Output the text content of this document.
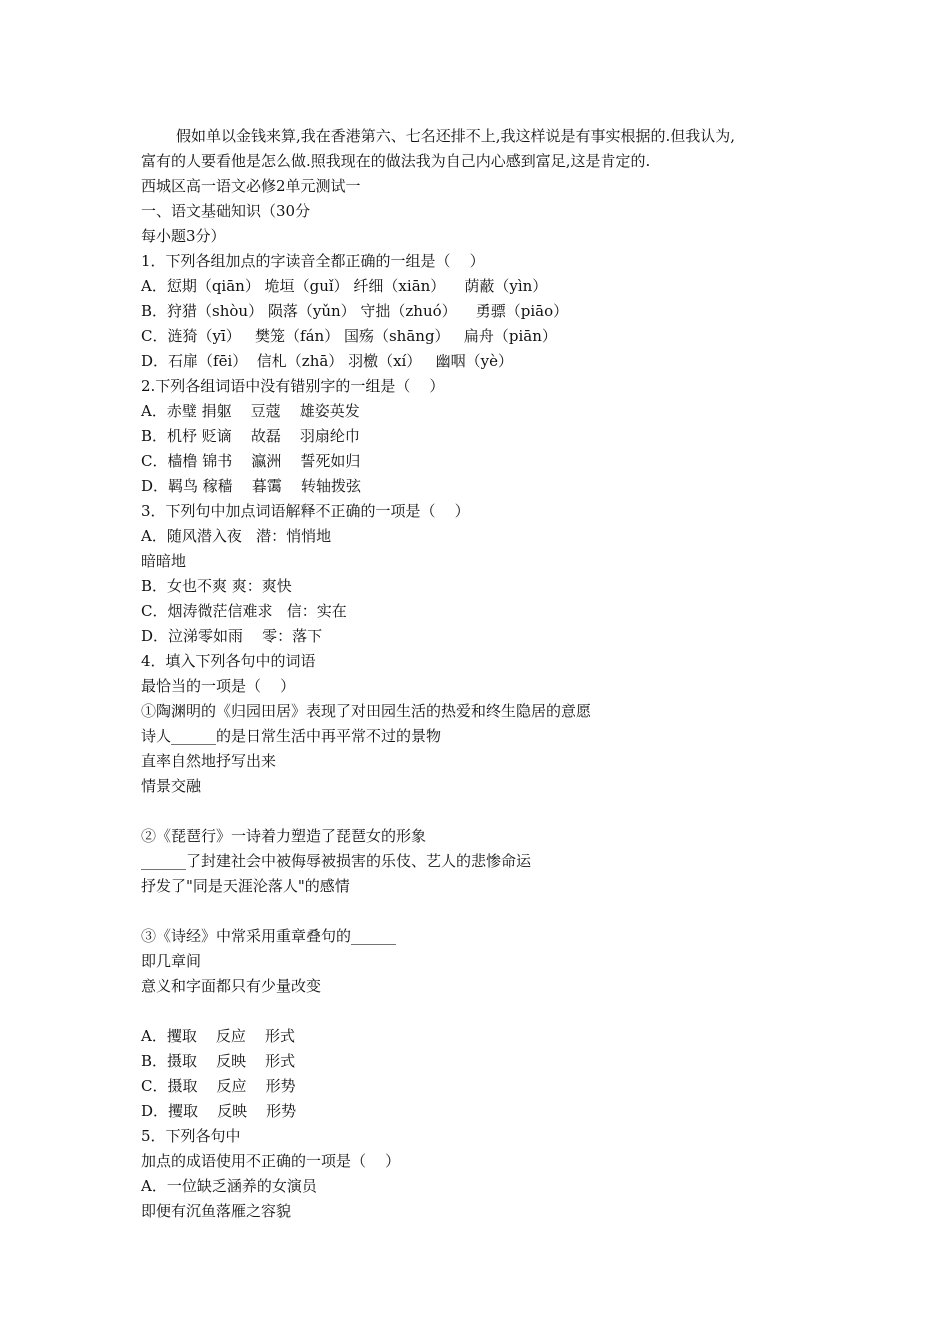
假如单以金钱来算,我在香港第六、七名还排不上,我这样说是有事实根据的.但我认为,
富有的人要看他是怎么做.照我现在的做法我为自己内心感到富足,这是肯定的.
西城区高一语文必修2单元测试一
一、语文基础知识（30分
每小题3分）
1．下列各组加点的字读音全都正确的一组是（    ）
A．愆期（qiān） 垝垣（guǐ） 纤细（xiān）    荫蔽（yìn）
B．狩猎（shòu） 陨落（yǔn） 守拙（zhuó）    勇骠（piāo）
C．涟猗（yī）   樊笼（fán） 国殇（shāng）   扁舟（piān）
D．石扉（fēi）  信札（zhā） 羽檄（xí）   幽咽（yè）
2.下列各组词语中没有错别字的一组是（    ）
A．赤璧 捐躯    豆蔻    雄姿英发
B．机杼 贬谪    故磊    羽扇纶巾
C．樯橹 锦书    瀛洲    誓死如归
D．羁鸟 稼穑    暮霭    转轴拨弦
3．下列句中加点词语解释不正确的一项是（    ）
A．随风潜入夜   潜：悄悄地
暗暗地
B．女也不爽 爽：爽快
C．烟涛微茫信难求   信：实在
D．泣涕零如雨    零：落下
4．填入下列各句中的词语
最恰当的一项是（    ）
①陶渊明的《归园田居》表现了对田园生活的热爱和终生隐居的意愿
诗人______的是日常生活中再平常不过的景物
直率自然地抒写出来
情景交融
②《琵琶行》一诗着力塑造了琵琶女的形象
______了封建社会中被侮辱被损害的乐伎、艺人的悲惨命运
抒发了"同是天涯沦落人"的感情
③《诗经》中常采用重章叠句的______
即几章间
意义和字面都只有少量改变
A．攫取    反应    形式
B．摄取    反映    形式
C．摄取    反应    形势
D．攫取    反映    形势
5．下列各句中
加点的成语使用不正确的一项是（    ）
A．一位缺乏涵养的女演员
即便有沉鱼落雁之容貌
